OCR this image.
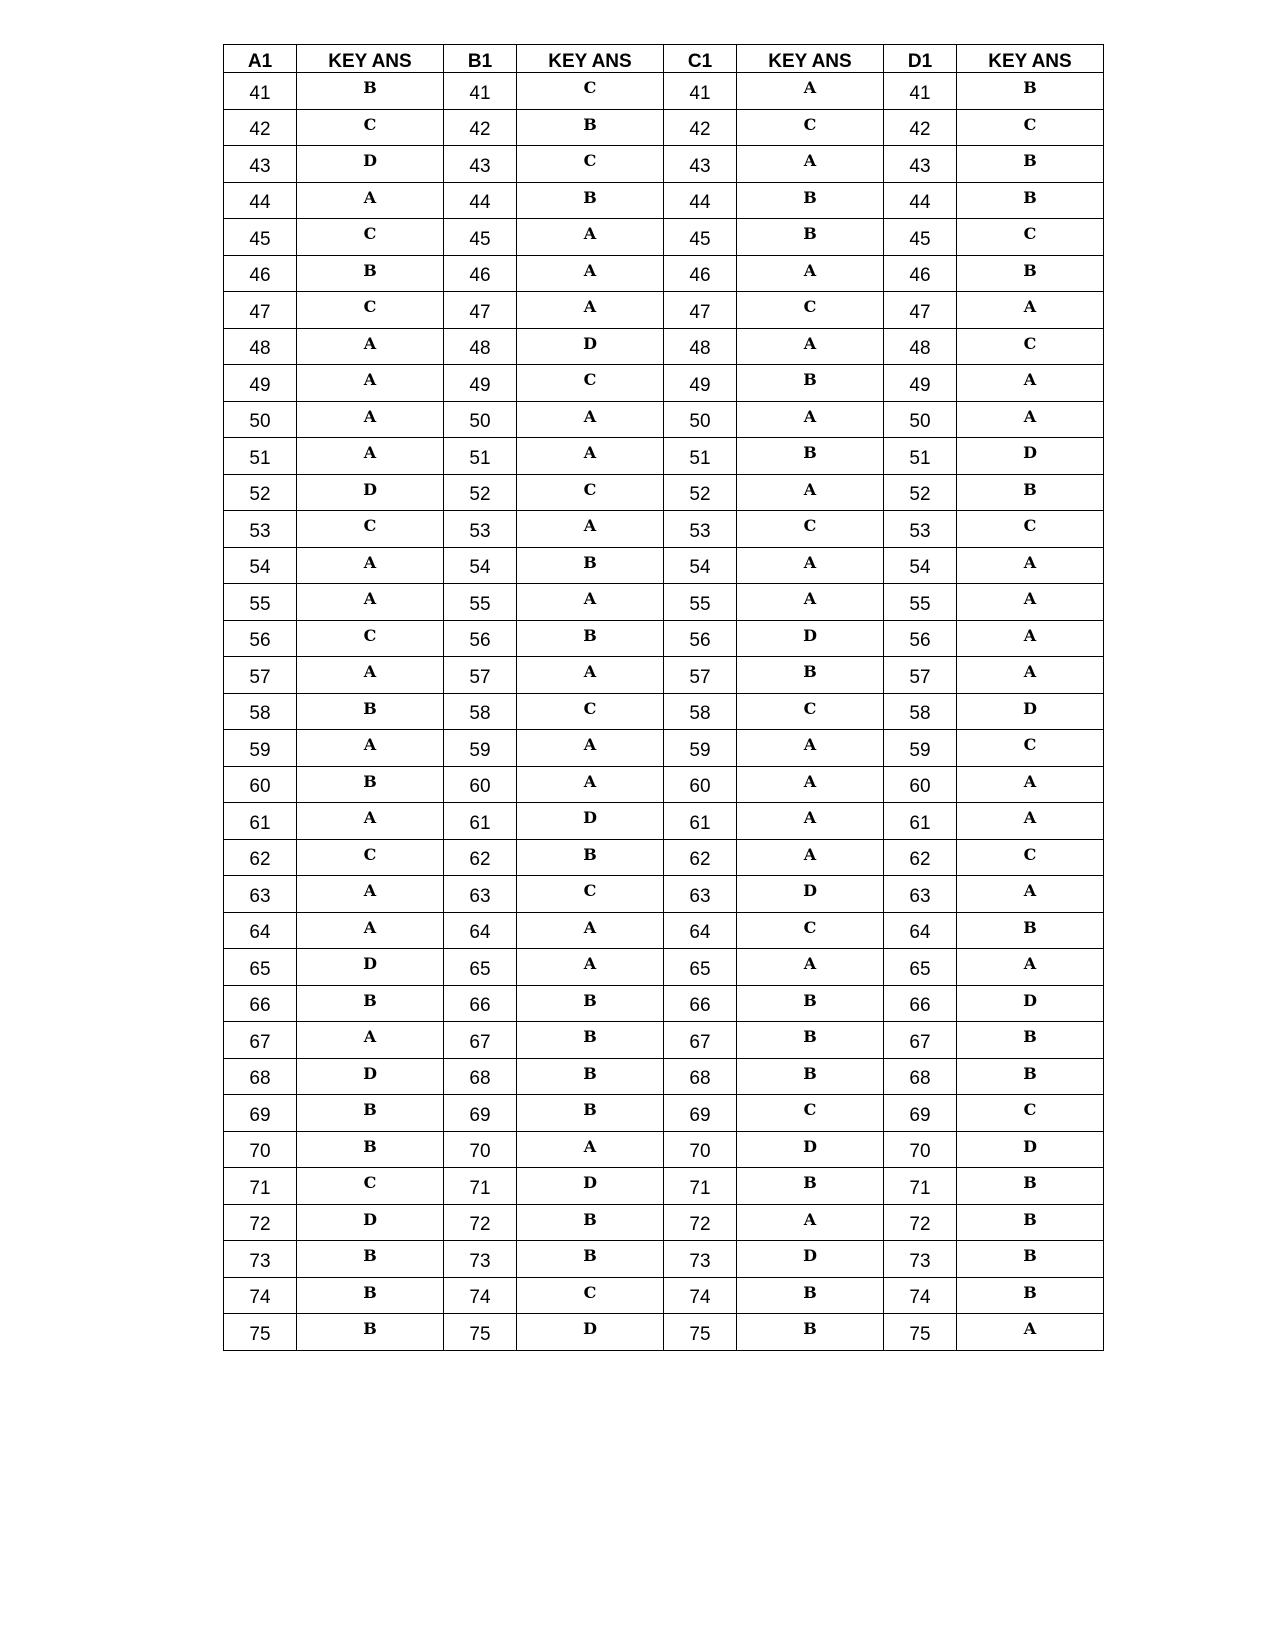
A1	KEY ANS	B1	KEY ANS	C1	KEY ANS	D1	KEY ANS
41	B	41	C	41	A	41	B
42	C	42	B	42	C	42	C
43	D	43	C	43	A	43	B
44	A	44	B	44	B	44	B
45	C	45	A	45	B	45	C
46	B	46	A	46	A	46	B
47	C	47	A	47	C	47	A
48	A	48	D	48	A	48	C
49	A	49	C	49	B	49	A
50	A	50	A	50	A	50	A
51	A	51	A	51	B	51	D
52	D	52	C	52	A	52	B
53	C	53	A	53	C	53	C
54	A	54	B	54	A	54	A
55	A	55	A	55	A	55	A
56	C	56	B	56	D	56	A
57	A	57	A	57	B	57	A
58	B	58	C	58	C	58	D
59	A	59	A	59	A	59	C
60	B	60	A	60	A	60	A
61	A	61	D	61	A	61	A
62	C	62	B	62	A	62	C
63	A	63	C	63	D	63	A
64	A	64	A	64	C	64	B
65	D	65	A	65	A	65	A
66	B	66	B	66	B	66	D
67	A	67	B	67	B	67	B
68	D	68	B	68	B	68	B
69	B	69	B	69	C	69	C
70	B	70	A	70	D	70	D
71	C	71	D	71	B	71	B
72	D	72	B	72	A	72	B
73	B	73	B	73	D	73	B
74	B	74	C	74	B	74	B
75	B	75	D	75	B	75	A
